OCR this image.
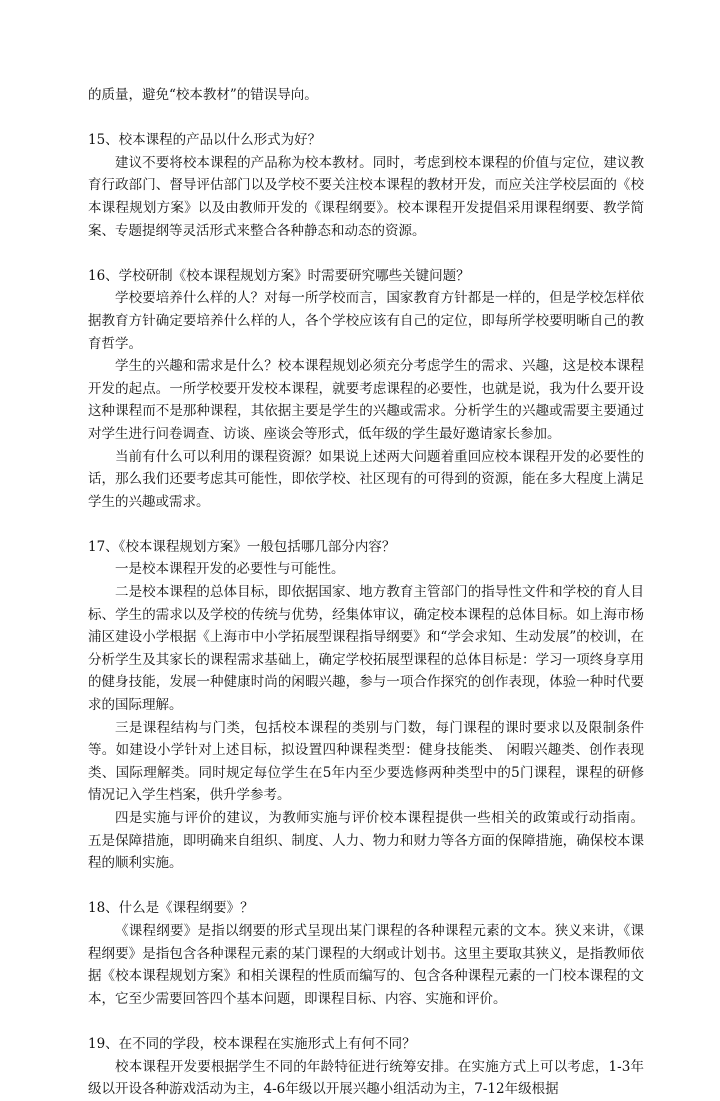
的质量，避免“校本教材”的错误导向。

15、校本课程的产品以什么形式为好？

建议不要将校本课程的产品称为校本教材。同时，考虑到校本课程的价值与定位，建议教育行政部门、督导评估部门以及学校不要关注校本课程的教材开发，而应关注学校层面的《校本课程规划方案》以及由教师开发的《课程纲要》。校本课程开发提倡采用课程纲要、教学简案、专题提纲等灵活形式来整合各种静态和动态的资源。

16、学校研制《校本课程规划方案》时需要研究哪些关键问题？

学校要培养什么样的人？对每一所学校而言，国家教育方针都是一样的，但是学校怎样依据教育方针确定要培养什么样的人，各个学校应该有自己的定位，即每所学校要明晰自己的教育哲学。

学生的兴趣和需求是什么？校本课程规划必须充分考虑学生的需求、兴趣，这是校本课程开发的起点。一所学校要开发校本课程，就要考虑课程的必要性，也就是说，我为什么要开设这种课程而不是那种课程，其依据主要是学生的兴趣或需求。分析学生的兴趣或需要主要通过对学生进行问卷调查、访谈、座谈会等形式，低年级的学生最好邀请家长参加。

当前有什么可以利用的课程资源？如果说上述两大问题着重回应校本课程开发的必要性的话，那么我们还要考虑其可能性，即依学校、社区现有的可得到的资源，能在多大程度上满足学生的兴趣或需求。

17、《校本课程规划方案》一般包括哪几部分内容？

一是校本课程开发的必要性与可能性。

二是校本课程的总体目标，即依据国家、地方教育主管部门的指导性文件和学校的育人目标、学生的需求以及学校的传统与优势，经集体审议，确定校本课程的总体目标。如上海市杨浦区建设小学根据《上海市中小学拓展型课程指导纲要》和“学会求知、生动发展”的校训，在分析学生及其家长的课程需求基础上，确定学校拓展型课程的总体目标是：学习一项终身享用的健身技能，发展一种健康时尚的闲暇兴趣，参与一项合作探究的创作表现，体验一种时代要求的国际理解。

三是课程结构与门类，包括校本课程的类别与门数，每门课程的课时要求以及限制条件等。如建设小学针对上述目标，拟设置四种课程类型：健身技能类、 闲暇兴趣类、创作表现类、国际理解类。同时规定每位学生在5年内至少要选修两种类型中的5门课程，课程的研修情况记入学生档案，供升学参考。

四是实施与评价的建议，为教师实施与评价校本课程提供一些相关的政策或行动指南。 五是保障措施，即明确来自组织、制度、人力、物力和财力等各方面的保障措施，确保校本课程的顺利实施。

18、什么是《课程纲要》？

《课程纲要》是指以纲要的形式呈现出某门课程的各种课程元素的文本。狭义来讲，《课程纲要》是指包含各种课程元素的某门课程的大纲或计划书。这里主要取其狭义，是指教师依据《校本课程规划方案》和相关课程的性质而编写的、包含各种课程元素的一门校本课程的文本，它至少需要回答四个基本问题，即课程目标、内容、实施和评价。

19、在不同的学段，校本课程在实施形式上有何不同？

校本课程开发要根据学生不同的年龄特征进行统筹安排。在实施方式上可以考虑，1-3年级以开设各种游戏活动为主，4-6年级以开展兴趣小组活动为主，7-12年级根据
